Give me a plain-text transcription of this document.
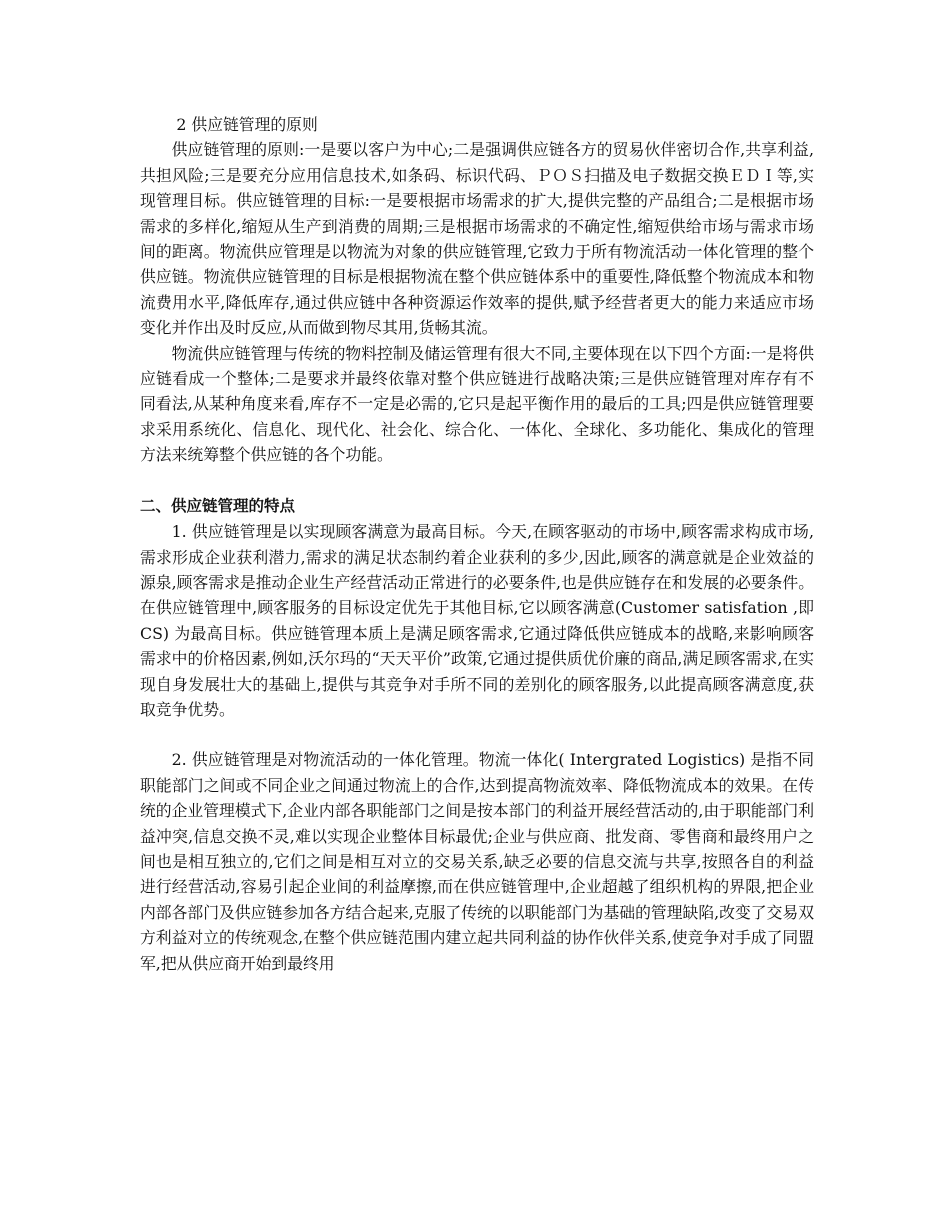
2 供应链管理的原则

供应链管理的原则:一是要以客户为中心;二是强调供应链各方的贸易伙伴密切合作,共享利益,共担风险;三是要充分应用信息技术,如条码、标识代码、ＰＯＳ扫描及电子数据交换ＥＤＩ等,实现管理目标。供应链管理的目标:一是要根据市场需求的扩大,提供完整的产品组合;二是根据市场需求的多样化,缩短从生产到消费的周期;三是根据市场需求的不确定性,缩短供给市场与需求市场间的距离。物流供应管理是以物流为对象的供应链管理,它致力于所有物流活动一体化管理的整个供应链。物流供应链管理的目标是根据物流在整个供应链体系中的重要性,降低整个物流成本和物流费用水平,降低库存,通过供应链中各种资源运作效率的提供,赋予经营者更大的能力来适应市场变化并作出及时反应,从而做到物尽其用,货畅其流。

物流供应链管理与传统的物料控制及储运管理有很大不同,主要体现在以下四个方面:一是将供应链看成一个整体;二是要求并最终依靠对整个供应链进行战略决策;三是供应链管理对库存有不同看法,从某种角度来看,库存不一定是必需的,它只是起平衡作用的最后的工具;四是供应链管理要求采用系统化、信息化、现代化、社会化、综合化、一体化、全球化、多功能化、集成化的管理方法来统筹整个供应链的各个功能。

二、供应链管理的特点

1. 供应链管理是以实现顾客满意为最高目标。今天,在顾客驱动的市场中,顾客需求构成市场,需求形成企业获利潜力,需求的满足状态制约着企业获利的多少,因此,顾客的满意就是企业效益的源泉,顾客需求是推动企业生产经营活动正常进行的必要条件,也是供应链存在和发展的必要条件。在供应链管理中,顾客服务的目标设定优先于其他目标,它以顾客满意(Customer satisfation ,即CS) 为最高目标。供应链管理本质上是满足顾客需求,它通过降低供应链成本的战略,来影响顾客需求中的价格因素,例如,沃尔玛的“天天平价”政策,它通过提供质优价廉的商品,满足顾客需求,在实现自身发展壮大的基础上,提供与其竞争对手所不同的差别化的顾客服务,以此提高顾客满意度,获取竞争优势。

2. 供应链管理是对物流活动的一体化管理。物流一体化( Intergrated Logistics) 是指不同职能部门之间或不同企业之间通过物流上的合作,达到提高物流效率、降低物流成本的效果。在传统的企业管理模式下,企业内部各职能部门之间是按本部门的利益开展经营活动的,由于职能部门利益冲突,信息交换不灵,难以实现企业整体目标最优;企业与供应商、批发商、零售商和最终用户之间也是相互独立的,它们之间是相互对立的交易关系,缺乏必要的信息交流与共享,按照各自的利益进行经营活动,容易引起企业间的利益摩擦,而在供应链管理中,企业超越了组织机构的界限,把企业内部各部门及供应链参加各方结合起来,克服了传统的以职能部门为基础的管理缺陷,改变了交易双方利益对立的传统观念,在整个供应链范围内建立起共同利益的协作伙伴关系,使竞争对手成了同盟军,把从供应商开始到最终用
